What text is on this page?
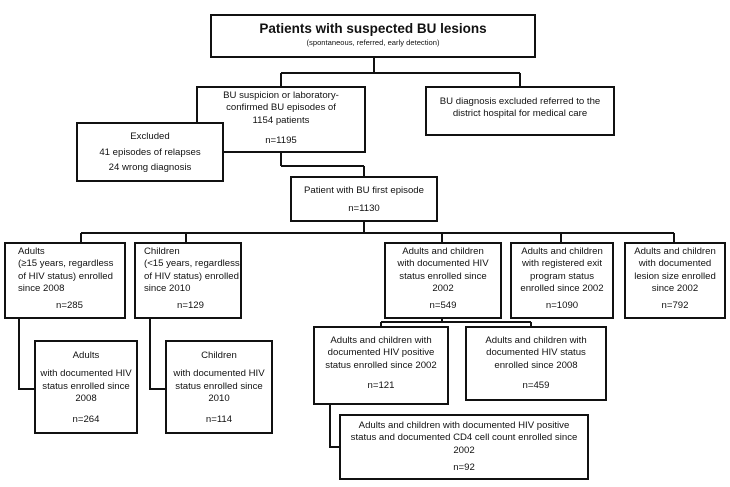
Patients with suspected BU lesions
(spontaneous, referred, early detection)
BU suspicion or laboratory-
confirmed BU episodes of
1154 patients
n=1195
BU diagnosis excluded referred to the
district hospital for medical care
Excluded
41 episodes of relapses
24 wrong diagnosis
Patient with BU first episode
n=1130
Adults
(≥15 years, regardless
of HIV status) enrolled
since 2008
n=285
Children
(<15 years, regardless
of HIV status) enrolled
since 2010
n=129
Adults and children
with documented HIV
status enrolled since
2002
n=549
Adults and children
with registered exit
program status
enrolled since 2002
n=1090
Adults and children
with documented
lesion size enrolled
since 2002
n=792
Adults
with documented HIV
status enrolled since
2008
n=264
Children
with documented HIV
status enrolled since
2010
n=114
Adults and children with
documented HIV positive
status enrolled since 2002
n=121
Adults and children with
documented HIV status
enrolled since 2008
n=459
Adults and children with documented HIV positive
status and documented CD4 cell count enrolled since
2002
n=92
